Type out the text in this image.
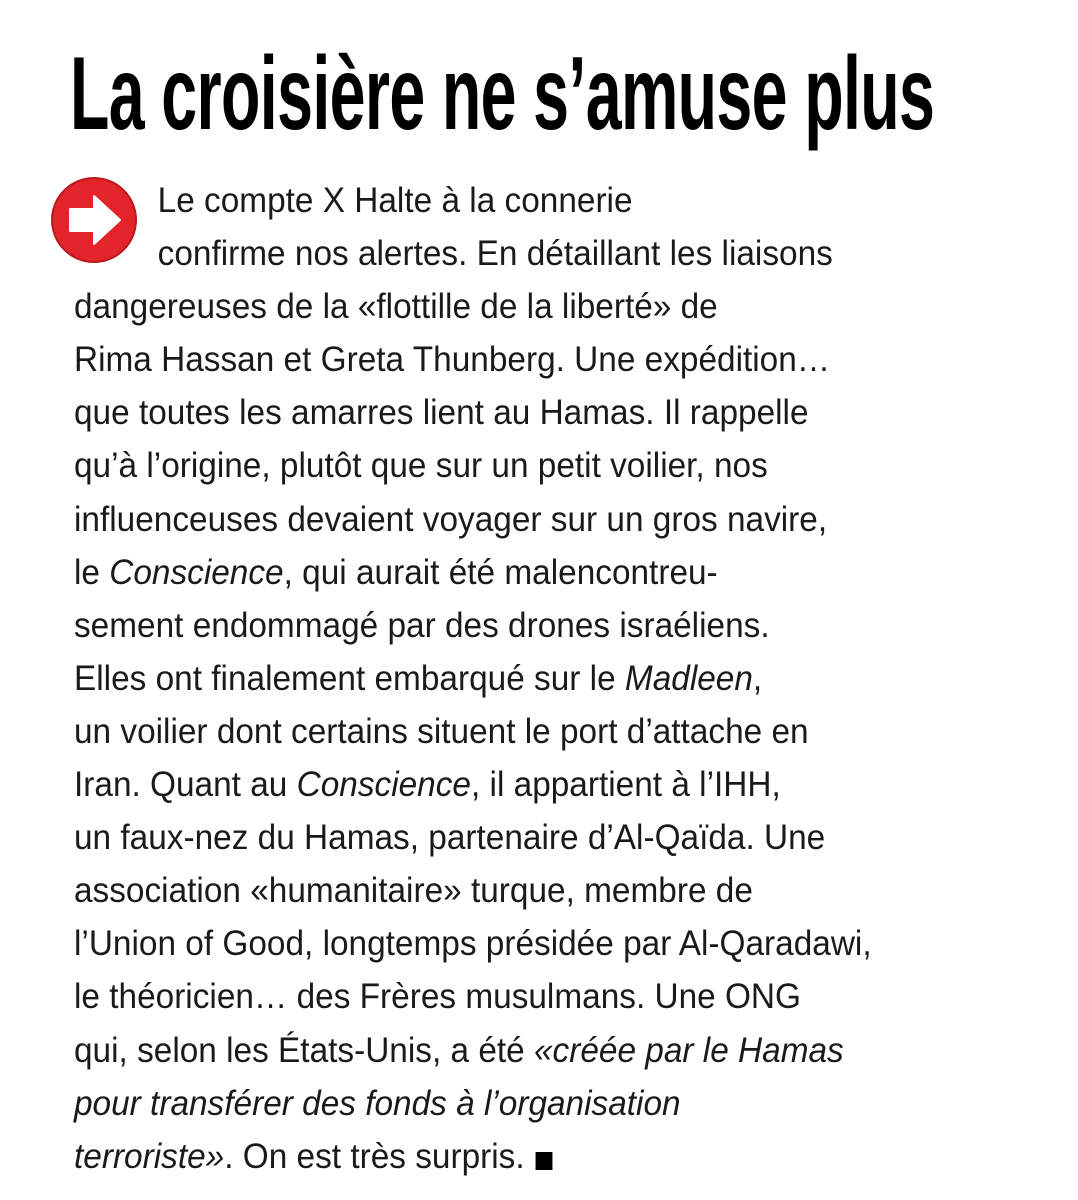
La croisière ne s’amuse plus
Le compte X Halte à la connerie
confirme nos alertes. En détaillant les liaisons
dangereuses de la «flottille de la liberté» de
Rima Hassan et Greta Thunberg. Une expédition…
que toutes les amarres lient au Hamas. Il rappelle
qu’à l’origine, plutôt que sur un petit voilier, nos
influenceuses devaient voyager sur un gros navire,
le Conscience, qui aurait été malencontreu-
sement endommagé par des drones israéliens.
Elles ont finalement embarqué sur le Madleen,
un voilier dont certains situent le port d’attache en
Iran. Quant au Conscience, il appartient à l’IHH,
un faux-nez du Hamas, partenaire d’Al-Qaïda. Une
association «humanitaire» turque, membre de
l’Union of Good, longtemps présidée par Al-Qaradawi,
le théoricien… des Frères musulmans. Une ONG
qui, selon les États-Unis, a été «créée par le Hamas
pour transférer des fonds à l’organisation
terroriste». On est très surpris.
